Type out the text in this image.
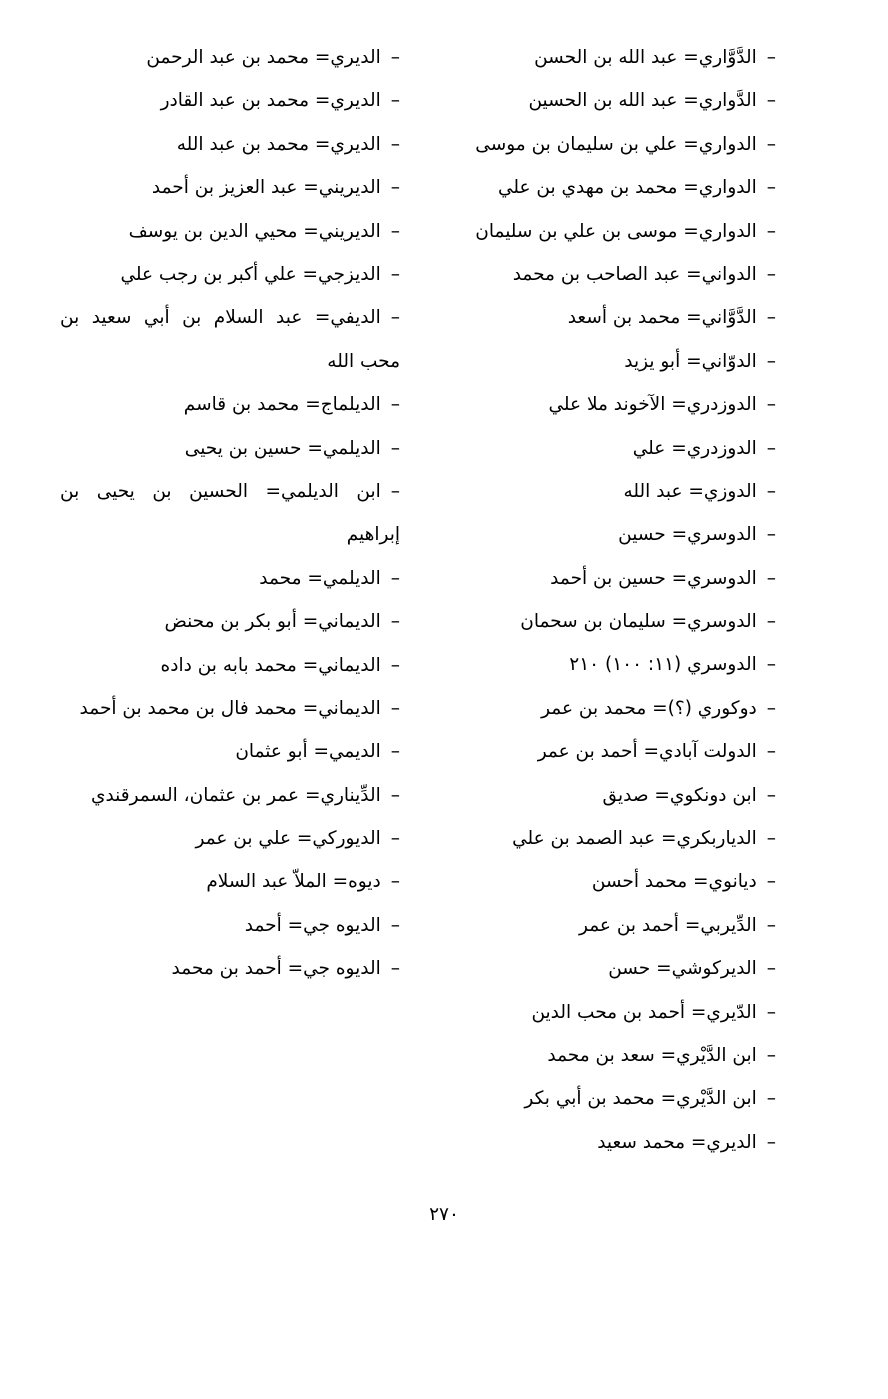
–الدَّوَّاري= عبد الله بن الحسن
–الدَّواري= عبد الله بن الحسين
–الدواري= علي بن سليمان بن موسى
–الدواري= محمد بن مهدي بن علي
–الدواري= موسى بن علي بن سليمان
–الدواني= عبد الصاحب بن محمد
–الدَّوَّاني= محمد بن أسعد
–الدوّاني= أبو يزيد
–الدوزدري= الآخوند ملا علي
–الدوزدري= علي
–الدوزي= عبد الله
–الدوسري= حسين
–الدوسري= حسين بن أحمد
–الدوسري= سليمان بن سحمان
–الدوسري (١١: ١٠٠) ٢١٠
–دوكوري (؟)= محمد بن عمر
–الدولت آبادي= أحمد بن عمر
–ابن دونكوي= صديق
–الدياربكري= عبد الصمد بن علي
–ديانوي= محمد أحسن
–الدِّيربي= أحمد بن عمر
–الديركوشي= حسن
–الدّيري= أحمد بن محب الدين
–ابن الدَّيْري= سعد بن محمد
–ابن الدَّيْري= محمد بن أبي بكر
–الديري= محمد سعيد
–الديري= محمد بن عبد الرحمن
–الديري= محمد بن عبد القادر
–الديري= محمد بن عبد الله
–الديريني= عبد العزيز بن أحمد
–الديريني= محيي الدين بن يوسف
–الديزجي= علي أكبر بن رجب علي
–الديفي= عبد السلام بن أبي سعيد بن محب الله
–الديلماج= محمد بن قاسم
–الديلمي= حسين بن يحيى
–ابن الديلمي= الحسين بن يحيى بن إبراهيم
–الديلمي= محمد
–الديماني= أبو بكر بن محنض
–الديماني= محمد بابه بن داده
–الديماني= محمد فال بن محمد بن أحمد
–الديمي= أبو عثمان
–الدِّيناري= عمر بن عثمان، السمرقندي
–الديوركي= علي بن عمر
–ديوه= الملاّ عبد السلام
–الديوه جي= أحمد
–الديوه جي= أحمد بن محمد
٢٧٠
